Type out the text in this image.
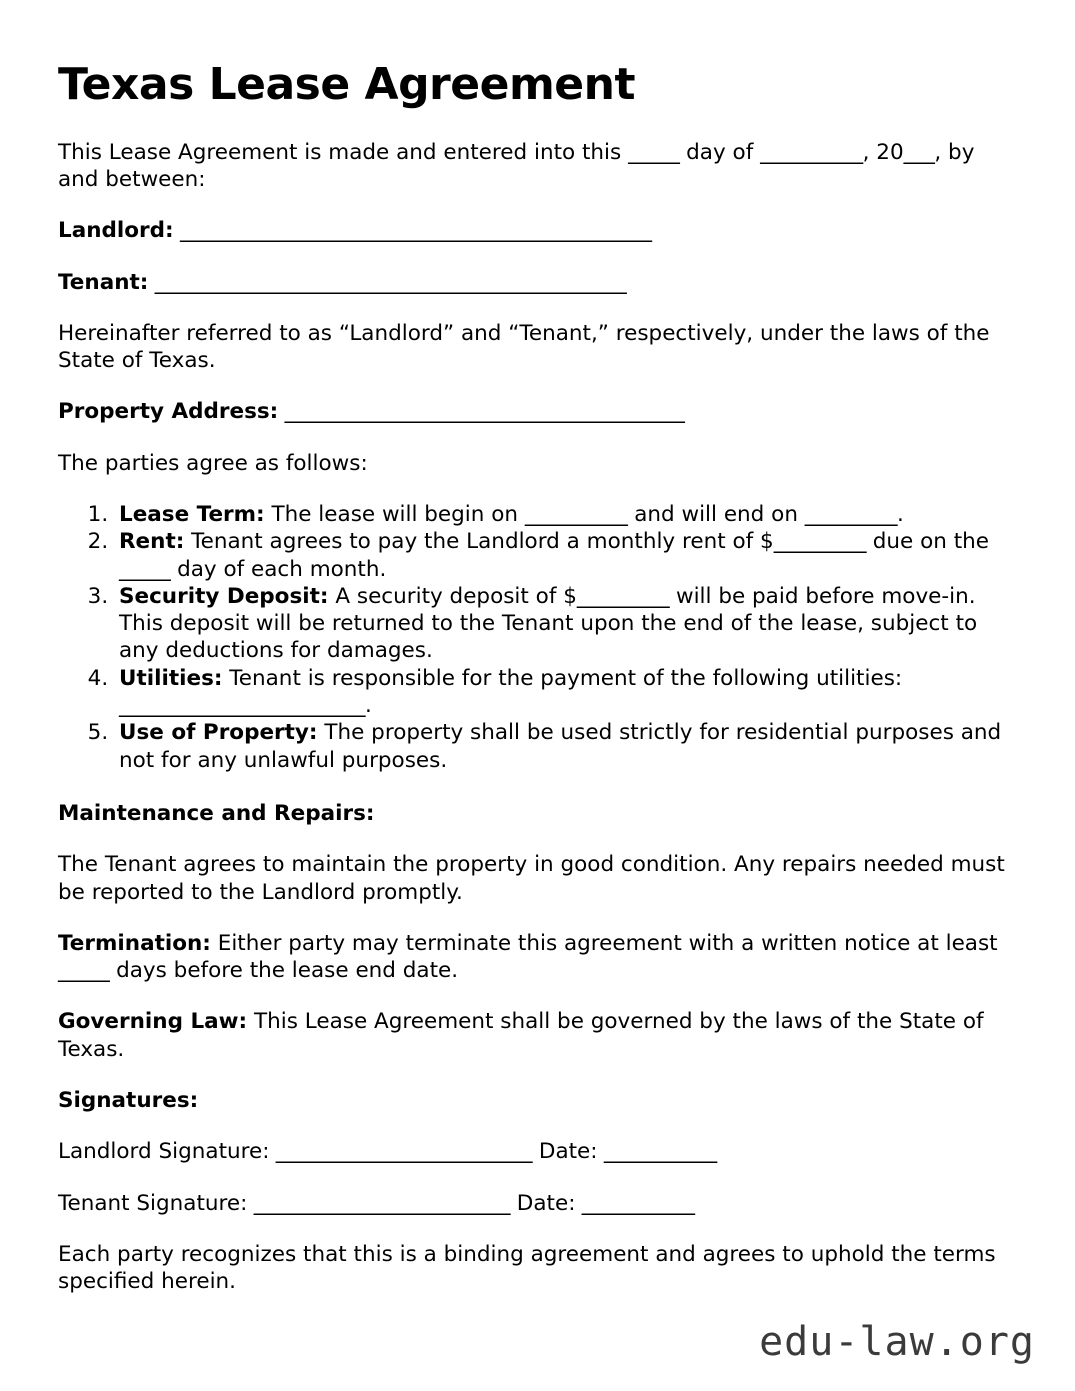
Texas Lease Agreement

This Lease Agreement is made and entered into this _____ day of __________, 20___, by and between:

Landlord: ______________________________________________

Tenant: ______________________________________________

Hereinafter referred to as “Landlord” and “Tenant,” respectively, under the laws of the State of Texas.

Property Address: _______________________________________

The parties agree as follows:

1. Lease Term: The lease will begin on __________ and will end on _________.
2. Rent: Tenant agrees to pay the Landlord a monthly rent of $_________ due on the _____ day of each month.
3. Security Deposit: A security deposit of $_________ will be paid before move-in. This deposit will be returned to the Tenant upon the end of the lease, subject to any deductions for damages.
4. Utilities: Tenant is responsible for the payment of the following utilities: ________________________.
5. Use of Property: The property shall be used strictly for residential purposes and not for any unlawful purposes.

Maintenance and Repairs:

The Tenant agrees to maintain the property in good condition. Any repairs needed must be reported to the Landlord promptly.

Termination: Either party may terminate this agreement with a written notice at least _____ days before the lease end date.

Governing Law: This Lease Agreement shall be governed by the laws of the State of Texas.

Signatures:

Landlord Signature: _________________________ Date: ___________

Tenant Signature: _________________________ Date: ___________

Each party recognizes that this is a binding agreement and agrees to uphold the terms specified herein.

edu-law.org
